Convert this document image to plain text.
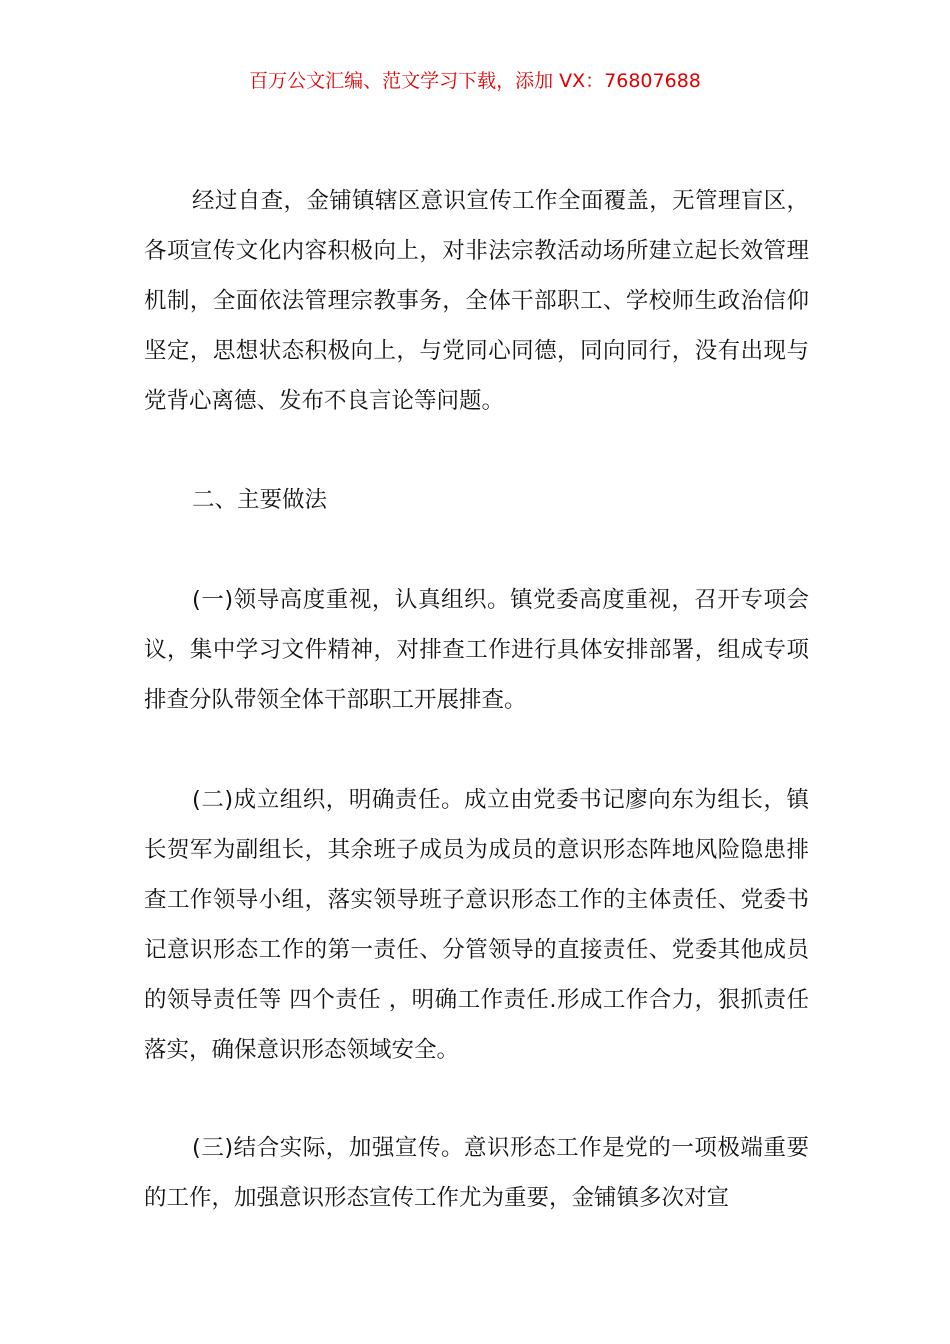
百万公文汇编、范文学习下载，添加 VX：76807688

经过自查，金铺镇辖区意识宣传工作全面覆盖，无管理盲区，各项宣传文化内容积极向上，对非法宗教活动场所建立起长效管理机制，全面依法管理宗教事务，全体干部职工、学校师生政治信仰坚定，思想状态积极向上，与党同心同德，同向同行，没有出现与党背心离德、发布不良言论等问题。

二、主要做法

(一)领导高度重视，认真组织。镇党委高度重视，召开专项会议，集中学习文件精神，对排查工作进行具体安排部署，组成专项排查分队带领全体干部职工开展排查。

(二)成立组织，明确责任。成立由党委书记廖向东为组长，镇长贺军为副组长，其余班子成员为成员的意识形态阵地风险隐患排查工作领导小组，落实领导班子意识形态工作的主体责任、党委书记意识形态工作的第一责任、分管领导的直接责任、党委其他成员的领导责任等 四个责任 ，明确工作责任.形成工作合力，狠抓责任落实，确保意识形态领域安全。

(三)结合实际，加强宣传。意识形态工作是党的一项极端重要的工作，加强意识形态宣传工作尤为重要，金铺镇多次对宣
